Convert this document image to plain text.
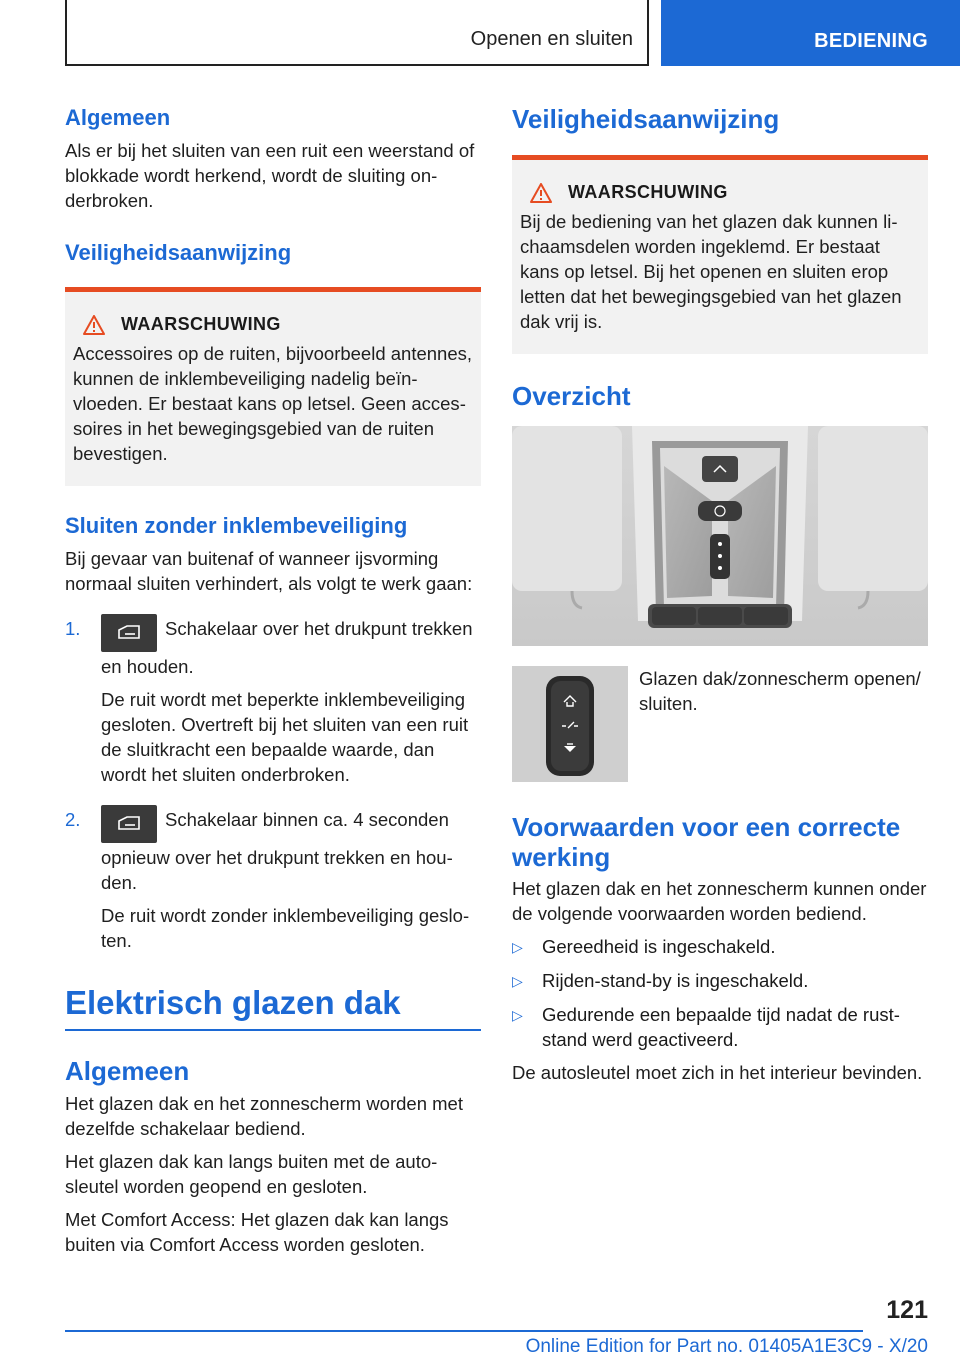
Openen en sluiten	BEDIENING
Algemeen
Als er bij het sluiten van een ruit een weerstand of blokkade wordt herkend, wordt de sluiting onderbroken.
Veiligheidsaanwijzing
WAARSCHUWING
Accessoires op de ruiten, bijvoorbeeld antennes, kunnen de inklembeveiliging nadelig beïnvloeden. Er bestaat kans op letsel. Geen accessoires in het bewegingsgebied van de ruiten bevestigen.
Sluiten zonder inklembeveiliging
Bij gevaar van buitenaf of wanneer ijsvorming normaal sluiten verhindert, als volgt te werk gaan:
1.	Schakelaar over het drukpunt trekken en houden.
De ruit wordt met beperkte inklembeveiliging gesloten. Overtreft bij het sluiten van een ruit de sluitkracht een bepaalde waarde, dan wordt het sluiten onderbroken.
2.	Schakelaar binnen ca. 4 seconden opnieuw over het drukpunt trekken en houden.
De ruit wordt zonder inklembeveiliging gesloten.
Elektrisch glazen dak
Algemeen
Het glazen dak en het zonnescherm worden met dezelfde schakelaar bediend.
Het glazen dak kan langs buiten met de autosleutel worden geopend en gesloten.
Met Comfort Access: Het glazen dak kan langs buiten via Comfort Access worden gesloten.
Veiligheidsaanwijzing
WAARSCHUWING
Bij de bediening van het glazen dak kunnen lichaamsdelen worden ingeklemd. Er bestaat kans op letsel. Bij het openen en sluiten erop letten dat het bewegingsgebied van het glazen dak vrij is.
Overzicht
Glazen dak/zonnescherm openen/ sluiten.
Voorwaarden voor een correcte werking
Het glazen dak en het zonnescherm kunnen onder de volgende voorwaarden worden bediend.
▷	Gereedheid is ingeschakeld.
▷	Rijden-stand-by is ingeschakeld.
▷	Gedurende een bepaalde tijd nadat de ruststand werd geactiveerd.
De autosleutel moet zich in het interieur bevinden.
121
Online Edition for Part no. 01405A1E3C9 - X/20
